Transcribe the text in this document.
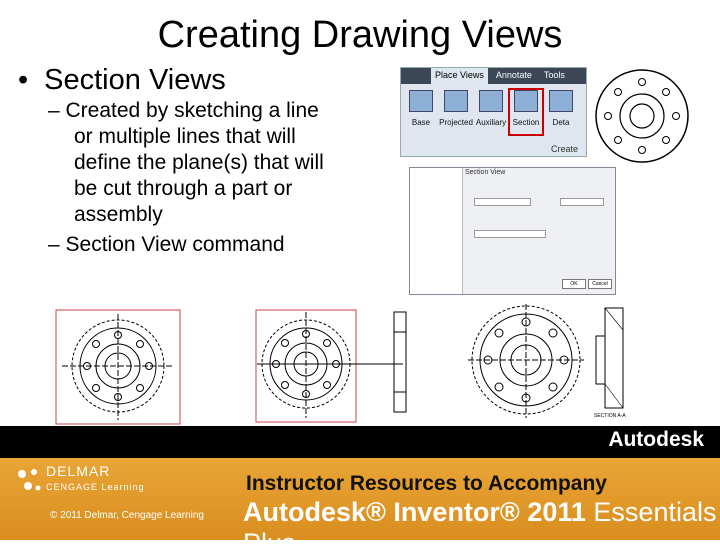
Creating Drawing Views
• Section Views
– Created by sketching a line
or multiple lines that will
define the plane(s) that will
be cut through a part or
assembly
– Section View command
Place Views	Annotate	Tools
Base Projected Auxiliary Section Deta
Create
Section View
OK	Cancel
SECTION A-A
Autodesk
DELMAR
CENGAGE Learning
© 2011 Delmar, Cengage Learning
Instructor Resources to Accompany
Autodesk® Inventor® 2011 Essentials Plus
